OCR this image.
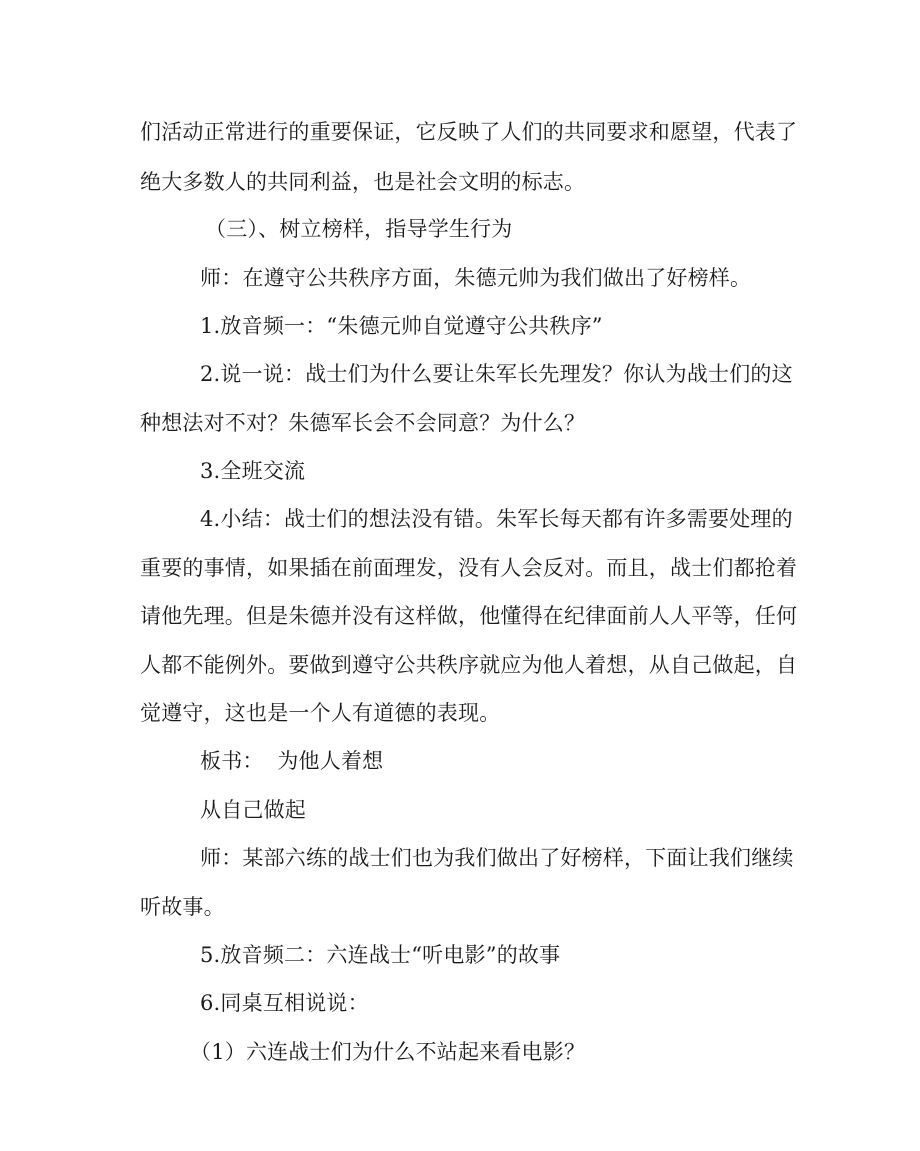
们活动正常进行的重要保证，它反映了人们的共同要求和愿望，代表了
绝大多数人的共同利益，也是社会文明的标志。
（三）、树立榜样，指导学生行为
师：在遵守公共秩序方面，朱德元帅为我们做出了好榜样。
1.放音频一：“朱德元帅自觉遵守公共秩序”
2.说一说：战士们为什么要让朱军长先理发？你认为战士们的这
种想法对不对？朱德军长会不会同意？为什么？
3.全班交流
4.小结：战士们的想法没有错。朱军长每天都有许多需要处理的
重要的事情，如果插在前面理发，没有人会反对。而且，战士们都抢着
请他先理。但是朱德并没有这样做，他懂得在纪律面前人人平等，任何
人都不能例外。要做到遵守公共秩序就应为他人着想，从自己做起，自
觉遵守，这也是一个人有道德的表现。
板书：  为他人着想
从自己做起
师：某部六练的战士们也为我们做出了好榜样，下面让我们继续
听故事。
5.放音频二：六连战士“听电影”的故事
6.同桌互相说说：
（1）六连战士们为什么不站起来看电影？
